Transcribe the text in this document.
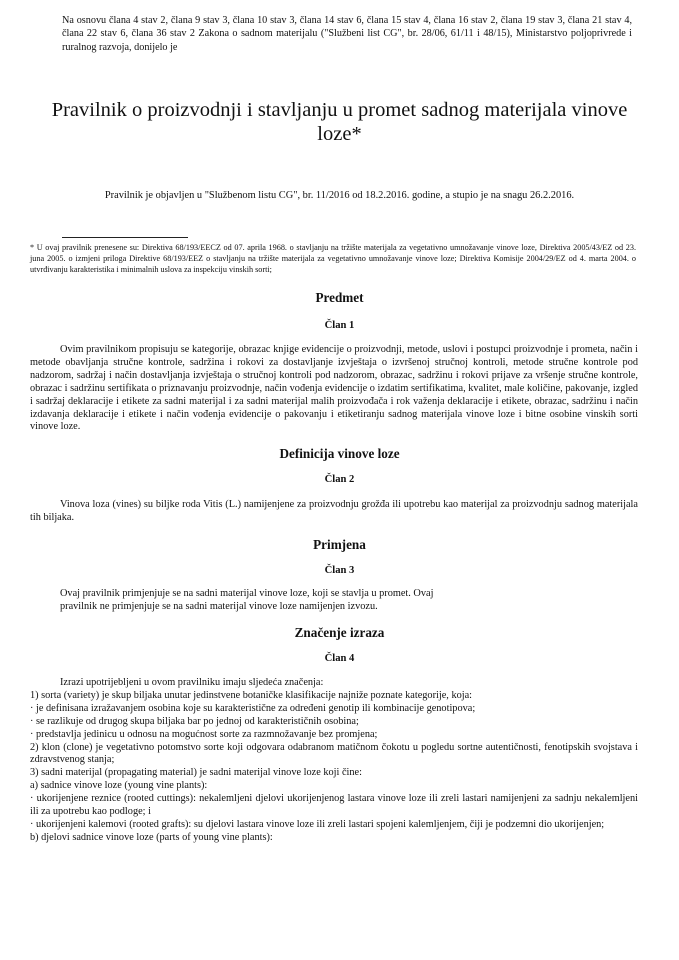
Na osnovu člana 4 stav 2, člana 9 stav 3, člana 10 stav 3, člana 14 stav 6, člana 15 stav 4, člana 16 stav 2, člana 19 stav 3, člana 21 stav 4, člana 22 stav 6, člana 36 stav 2 Zakona o sadnom materijalu ("Službeni list CG", br. 28/06, 61/11 i 48/15), Ministarstvo poljoprivrede i ruralnog razvoja, donijelo je
Pravilnik o proizvodnji i stavljanju u promet sadnog materijala vinove loze*
Pravilnik je objavljen u "Službenom listu CG", br. 11/2016 od 18.2.2016. godine, a stupio je na snagu 26.2.2016.
* U ovaj pravilnik prenesene su: Direktiva 68/193/EECZ od 07. aprila 1968. o stavljanju na tržište materijala za vegetativno umnožavanje vinove loze, Direktiva 2005/43/EZ od 23. juna 2005. o izmjeni priloga Direktive 68/193/EEZ o stavljanju na tržište materijala za vegetativno umnožavanje vinove loze; Direktiva Komisije 2004/29/EZ od 4. marta 2004. o utvrđivanju karakteristika i minimalnih uslova za inspekciju vinskih sorti;
Predmet
Član 1
Ovim pravilnikom propisuju se kategorije, obrazac knjige evidencije o proizvodnji, metode, uslovi i postupci proizvodnje i prometa, način i metode obavljanja stručne kontrole, sadržina i rokovi za dostavljanje izvještaja o izvršenoj stručnoj kontroli, metode stručne kontrole pod nadzorom, sadržaj i način dostavljanja izvještaja o stručnoj kontroli pod nadzorom, obrazac, sadržinu i rokovi prijave za vršenje stručne kontrole, obrazac i sadržinu sertifikata o priznavanju proizvodnje, način vođenja evidencije o izdatim sertifikatima, kvalitet, male količine, pakovanje, izgled i sadržaj deklaracije i etikete za sadni materijal i za sadni materijal malih proizvođača i rok važenja deklaracije i etikete, obrazac, sadržinu i način izdavanja deklaracije i etikete i način vođenja evidencije o pakovanju i etiketiranju sadnog materijala vinove loze i bitne osobine vinskih sorti vinove loze.
Definicija vinove loze
Član 2
Vinova loza (vines) su biljke roda Vitis (L.) namijenjene za proizvodnju grožđa ili upotrebu kao materijal za proizvodnju sadnog materijala tih biljaka.
Primjena
Član 3
Ovaj pravilnik primjenjuje se na sadni materijal vinove loze, koji se stavlja u promet. Ovaj
pravilnik ne primjenjuje se na sadni materijal vinove loze namijenjen izvozu.
Značenje izraza
Član 4
Izrazi upotrijebljeni u ovom pravilniku imaju sljedeća značenja:
1) sorta (variety) je skup biljaka unutar jedinstvene botaničke klasifikacije najniže poznate kategorije, koja:
· je definisana izražavanjem osobina koje su karakteristične za određeni genotip ili kombinacije genotipova;
· se razlikuje od drugog skupa biljaka bar po jednoj od karakterističnih osobina;
· predstavlja jedinicu u odnosu na mogućnost sorte za razmnožavanje bez promjena;
2) klon (clone) je vegetativno potomstvo sorte koji odgovara odabranom matičnom čokotu u pogledu sortne autentičnosti, fenotipskih svojstava i zdravstvenog stanja;
3) sadni materijal (propagating material) je sadni materijal vinove loze koji čine:
a) sadnice vinove loze (young vine plants):
· ukorijenjene reznice (rooted cuttings): nekalemljeni djelovi ukorijenjenog lastara vinove loze ili zreli lastari namijenjeni za sadnju nekalemljeni ili za upotrebu kao podloge; i
· ukorijenjeni kalemovi (rooted grafts): su djelovi lastara vinove loze ili zreli lastari spojeni kalemljenjem, čiji je podzemni dio ukorijenjen;
b) djelovi sadnice vinove loze (parts of young vine plants):
